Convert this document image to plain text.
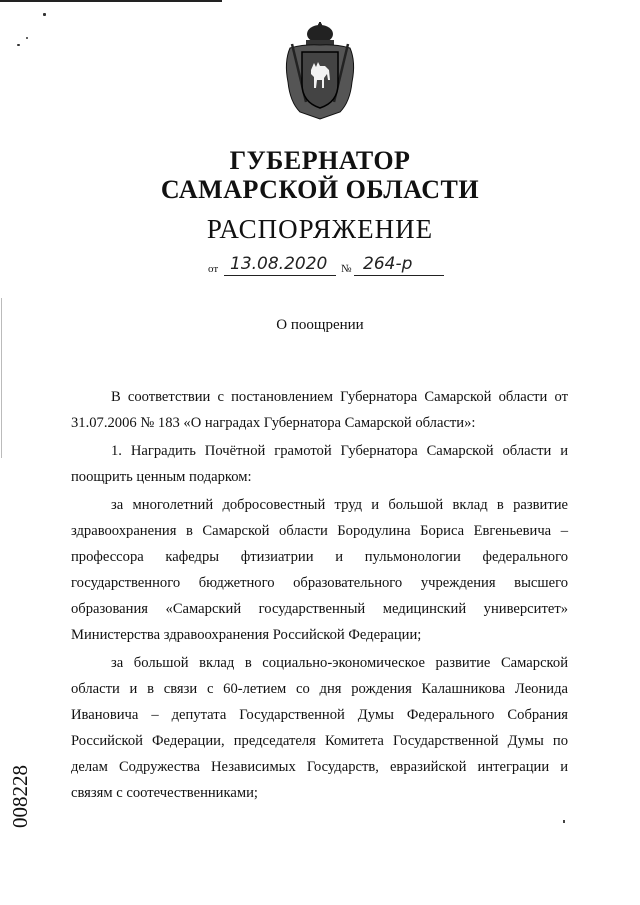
ГУБЕРНАТОР
САМАРСКОЙ ОБЛАСТИ
РАСПОРЯЖЕНИЕ
от 13.08.2020 № 264-р
О поощрении

В соответствии с постановлением Губернатора Самарской области от 31.07.2006 № 183 «О наградах Губернатора Самарской области»:

1. Наградить Почётной грамотой Губернатора Самарской области и поощрить ценным подарком:

за многолетний добросовестный труд и большой вклад в развитие здравоохранения в Самарской области Бородулина Бориса Евгеньевича – профессора кафедры фтизиатрии и пульмонологии федерального государственного бюджетного образовательного учреждения высшего образования «Самарский государственный медицинский университет» Министерства здравоохранения Российской Федерации;

за большой вклад в социально-экономическое развитие Самарской области и в связи с 60-летием со дня рождения Калашникова Леонида Ивановича – депутата Государственной Думы Федерального Собрания Российской Федерации, председателя Комитета Государственной Думы по делам Содружества Независимых Государств, евразийской интеграции и связям с соотечественниками;

008228
